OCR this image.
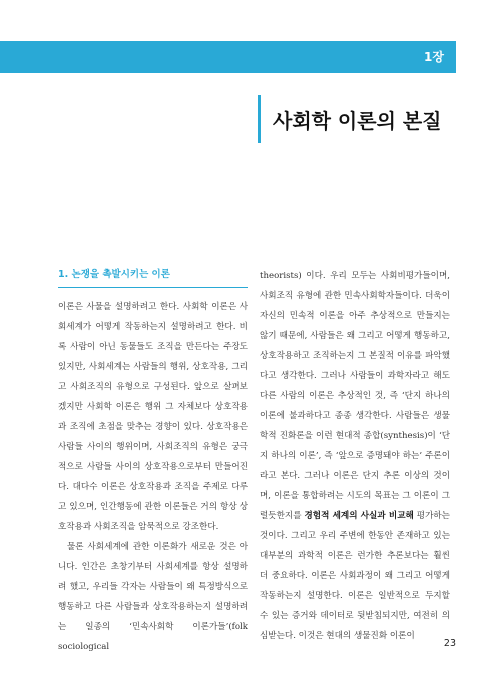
1장
사회학 이론의 본질
1. 논쟁을 촉발시키는 이론

이론은 사물을 설명하려고 한다. 사회학 이론은 사회세계가 어떻게 작동하는지 설명하려고 한다. 비록 사람이 아닌 동물들도 조직을 만든다는 주장도 있지만, 사회세계는 사람들의 행위, 상호작용, 그리고 사회조직의 유형으로 구성된다. 앞으로 살펴보겠지만 사회학 이론은 행위 그 자체보다 상호작용과 조직에 초점을 맞추는 경향이 있다. 상호작용은 사람들 사이의 행위이며, 사회조직의 유형은 궁극적으로 사람들 사이의 상호작용으로부터 만들어진다. 대다수 이론은 상호작용과 조직을 주제로 다루고 있으며, 인간행동에 관한 이론들은 거의 항상 상호작용과 사회조직을 암묵적으로 강조한다.

물론 사회세계에 관한 이론화가 새로운 것은 아니다. 인간은 초창기부터 사회세계를 항상 설명하려 했고, 우리들 각자는 사람들이 왜 특정방식으로 행동하고 다른 사람들과 상호작용하는지 설명하려는 일종의 ‘민속사회학 이론가들’(folk sociological

theorists) 이다. 우리 모두는 사회비평가들이며, 사회조직 유형에 관한 민속사회학자들이다. 더욱이 자신의 민속적 이론을 아주 추상적으로 만들지는 않기 때문에, 사람들은 왜 그리고 어떻게 행동하고, 상호작용하고 조직하는지 그 본질적 이유를 파악했다고 생각한다. 그러나 사람들이 과학자라고 해도 다른 사람의 이론은 추상적인 것, 즉 ‘단지 하나의 이론에 불과하다고 종종 생각한다. 사람들은 생물학적 진화론을 이런 현대적 종합(synthesis)이 ‘단지 하나의 이론’, 즉 ‘앞으로 증명돼야 하는’ 주론이라고 본다. 그러나 이론은 단지 추론 이상의 것이며, 이론을 통합하려는 시도의 목표는 그 이론이 그럴듯한지를 경험적 세계의 사실과 비교해 평가하는 것이다. 그리고 우리 주변에 한동안 존재하고 있는 대부분의 과학적 이론은 런가한 추론보다는 훨씬 더 중요하다. 이론은 사회과정이 왜 그리고 어떻게 작동하는지 설명한다. 이론은 일반적으로 두지할 수 있는 증거와 데이터로 뒷받침되지만, 여전히 의심받는다. 이것은 현대의 생물진화 이론이

23
